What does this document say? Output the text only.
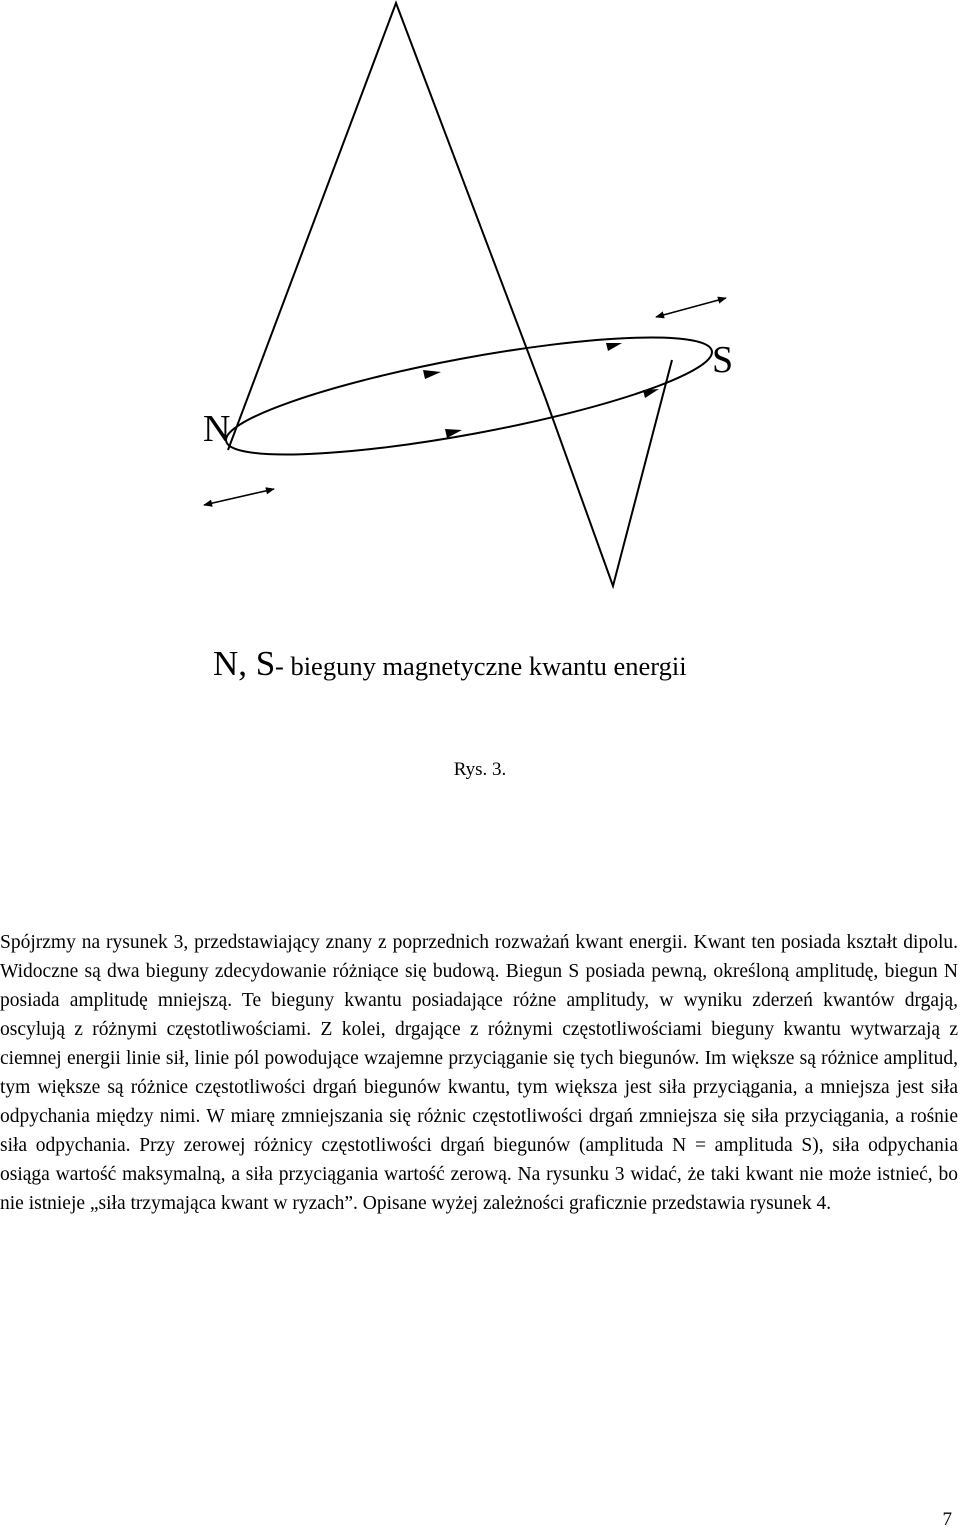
S
N
N, S - bieguny magnetyczne kwantu energii
Rys. 3.

Spójrzmy na rysunek 3, przedstawiający znany z poprzednich rozważań kwant energii. Kwant ten posiada kształt dipolu. Widoczne są dwa bieguny zdecydowanie różniące się budową. Biegun S posiada pewną, określoną amplitudę, biegun N posiada amplitudę mniejszą. Te bieguny kwantu posiadające różne amplitudy, w wyniku zderzeń kwantów drgają, oscylują z różnymi częstotliwościami. Z kolei, drgające z różnymi częstotliwościami bieguny kwantu wytwarzają z ciemnej energii linie sił, linie pól powodujące wzajemne przyciąganie się tych biegunów. Im większe są różnice amplitud, tym większe są różnice częstotliwości drgań biegunów kwantu, tym większa jest siła przyciągania, a mniejsza jest siła odpychania między nimi. W miarę zmniejszania się różnic częstotliwości drgań zmniejsza się siła przyciągania, a rośnie siła odpychania. Przy zerowej różnicy częstotliwości drgań biegunów (amplituda N = amplituda S), siła odpychania osiąga wartość maksymalną, a siła przyciągania wartość zerową. Na rysunku 3 widać, że taki kwant nie może istnieć, bo nie istnieje „siła trzymająca kwant w ryzach”. Opisane wyżej zależności graficznie przedstawia rysunek 4.

7
